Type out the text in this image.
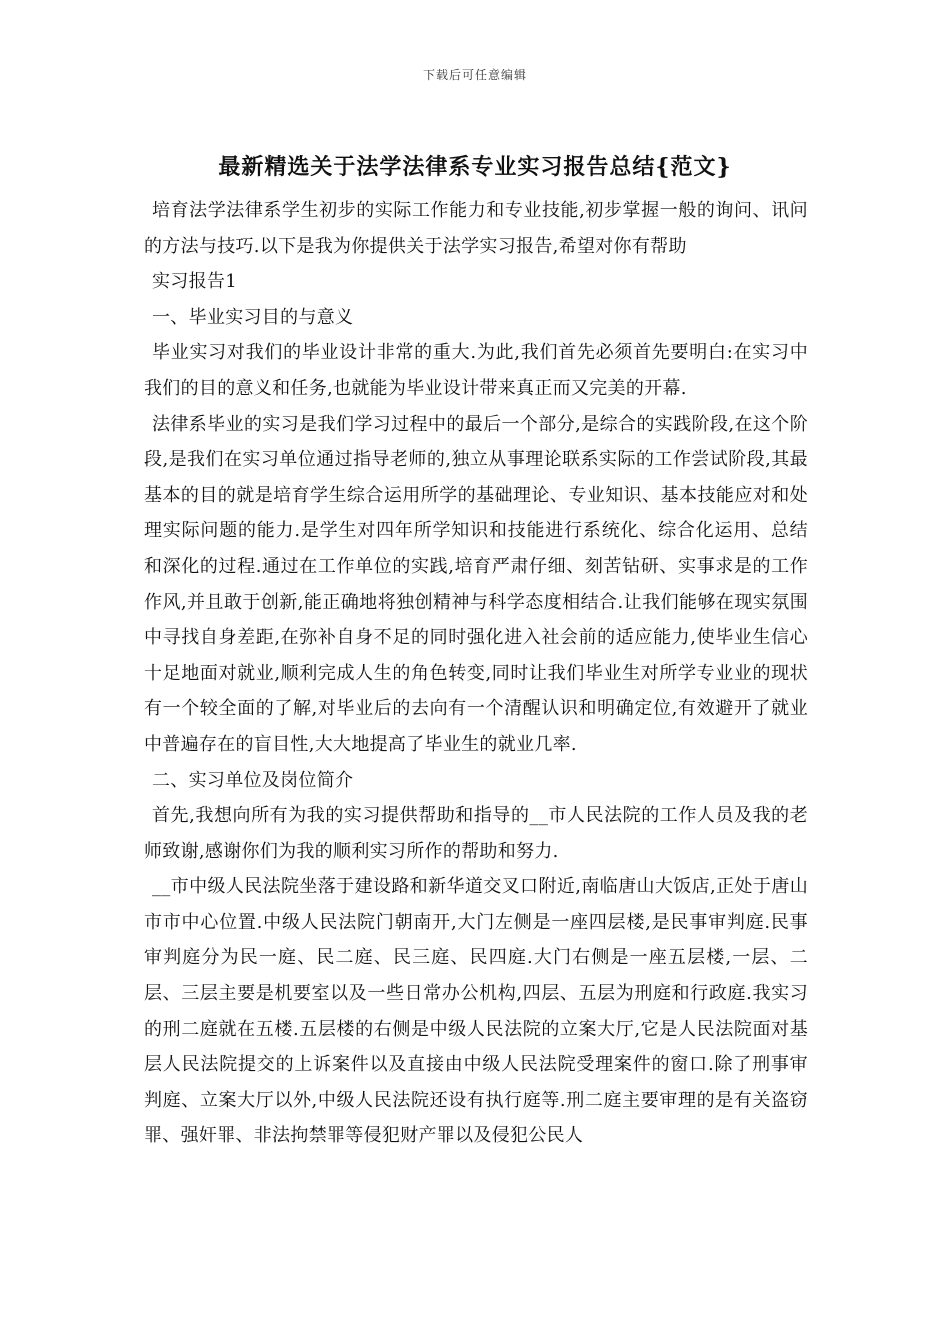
下载后可任意编辑
最新精选关于法学法律系专业实习报告总结{范文}

培育法学法律系学生初步的实际工作能力和专业技能,初步掌握一般的询问、讯问的方法与技巧.以下是我为你提供关于法学实习报告,希望对你有帮助

实习报告1

一、毕业实习目的与意义

毕业实习对我们的毕业设计非常的重大.为此,我们首先必须首先要明白:在实习中我们的目的意义和任务,也就能为毕业设计带来真正而又完美的开幕.

法律系毕业的实习是我们学习过程中的最后一个部分,是综合的实践阶段,在这个阶段,是我们在实习单位通过指导老师的,独立从事理论联系实际的工作尝试阶段,其最基本的目的就是培育学生综合运用所学的基础理论、专业知识、基本技能应对和处理实际问题的能力.是学生对四年所学知识和技能进行系统化、综合化运用、总结和深化的过程.通过在工作单位的实践,培育严肃仔细、刻苦钻研、实事求是的工作作风,并且敢于创新,能正确地将独创精神与科学态度相结合.让我们能够在现实氛围中寻找自身差距,在弥补自身不足的同时强化进入社会前的适应能力,使毕业生信心十足地面对就业,顺利完成人生的角色转变,同时让我们毕业生对所学专业业的现状有一个较全面的了解,对毕业后的去向有一个清醒认识和明确定位,有效避开了就业中普遍存在的盲目性,大大地提高了毕业生的就业几率.

二、实习单位及岗位简介

首先,我想向所有为我的实习提供帮助和指导的__市人民法院的工作人员及我的老师致谢,感谢你们为我的顺利实习所作的帮助和努力.

__市中级人民法院坐落于建设路和新华道交叉口附近,南临唐山大饭店,正处于唐山市市中心位置.中级人民法院门朝南开,大门左侧是一座四层楼,是民事审判庭.民事审判庭分为民一庭、民二庭、民三庭、民四庭.大门右侧是一座五层楼,一层、二层、三层主要是机要室以及一些日常办公机构,四层、五层为刑庭和行政庭.我实习的刑二庭就在五楼.五层楼的右侧是中级人民法院的立案大厅,它是人民法院面对基层人民法院提交的上诉案件以及直接由中级人民法院受理案件的窗口.除了刑事审判庭、立案大厅以外,中级人民法院还设有执行庭等.刑二庭主要审理的是有关盗窃罪、强奸罪、非法拘禁罪等侵犯财产罪以及侵犯公民人
